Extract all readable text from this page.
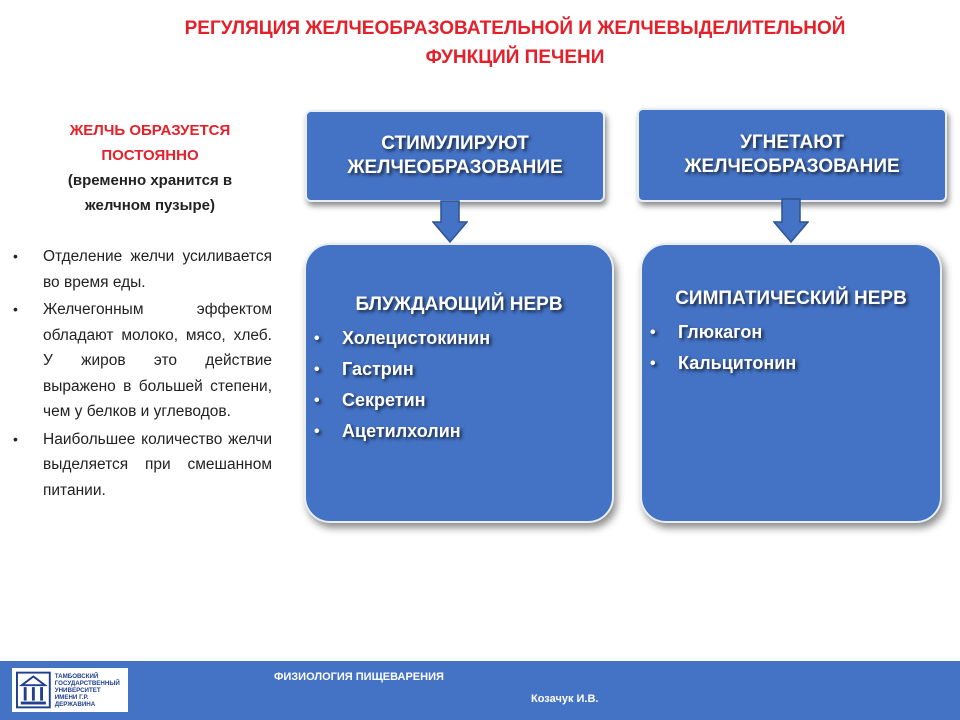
РЕГУЛЯЦИЯ ЖЕЛЧЕОБРАЗОВАТЕЛЬНОЙ И ЖЕЛЧЕВЫДЕЛИТЕЛЬНОЙ
ФУНКЦИЙ ПЕЧЕНИ
ЖЕЛЧЬ ОБРАЗУЕТСЯ
ПОСТОЯННО
(временно хранится в
желчном пузыре)
• Отделение желчи усиливается во время еды.
• Желчегонным эффектом обладают молоко, мясо, хлеб. У жиров это действие выражено в большей степени, чем у белков и углеводов.
• Наибольшее количество желчи выделяется при смешанном питании.
СТИМУЛИРУЮТ
ЖЕЛЧЕОБРАЗОВАНИЕ
БЛУЖДАЮЩИЙ НЕРВ
• Холецистокинин
• Гастрин
• Секретин
• Ацетилхолин
УГНЕТАЮТ
ЖЕЛЧЕОБРАЗОВАНИЕ
СИМПАТИЧЕСКИЙ НЕРВ
• Глюкагон
• Кальцитонин
ТАМБОВСКИЙ
ГОСУДАРСТВЕННЫЙ
УНИВЕРСИТЕТ
ИМЕНИ Г.Р. ДЕРЖАВИНА
ФИЗИОЛОГИЯ ПИЩЕВАРЕНИЯ
Козачук И.В.
